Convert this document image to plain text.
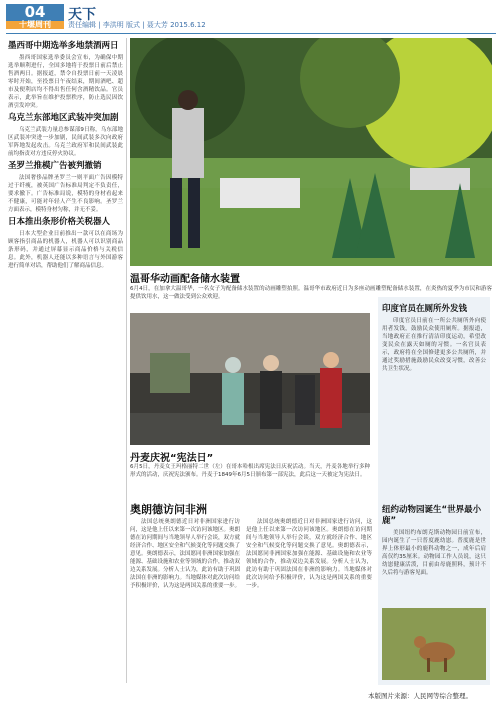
04
十堰周刊
天下
责任编辑 | 李洪明 版式 | 聂大芳 2015.6.12
墨西哥中期选举多地禁酒两日
墨西哥国家选举委员会宣布，为确保中期选举顺利进行，全国多地将于投票日前后禁止售酒两日。据报道，禁令自投票日前一天凌晨零时开始，至投票日午夜结束，期间酒吧、超市及便利店均不得出售任何含酒精饮品。官员表示，此举旨在维护投票秩序，防止选民因饮酒引发冲突。
乌克兰东部地区武装冲突加剧
乌克兰武装力量总参谋部9日称，乌东部地区武装冲突进一步加剧，民间武装多次向政府军阵地发起攻击。乌克兰政府军和民间武装此前均指责对方违反停火协议。
圣罗兰推模广告被判撤销
法国奢侈品牌圣罗兰一则平面广告因模特过于纤瘦，被英国广告标准局判定不负责任，要求撤下。广告标准局说，模特的身材看起来不健康，可能对年轻人产生不良影响。圣罗兰方面表示，模特身材匀称，并无不妥。
日本推出条形价格关税器人
日本大型企业日前推出一款可以在商场为顾客指引商品的机器人，机器人可以识别商品条形码，并通过屏幕显示商品价格与关税信息。此外，机器人还能以多种语言与外国游客进行简单对话，帮助他们了解商品信息。
温哥华动画配备储水装置
6月4日，在加拿大温哥华，一名女子为配备储水装置的动画雕塑拍照。温哥华市政府近日为多座动画雕塑配备储水装置，在炎热的夏季为市民和游客提供饮用水，这一做法受到公众欢迎。
丹麦庆祝“宪法日”
6月5日，丹麦女王玛格丽特二世（左）在哥本哈根出席宪法日庆祝活动。当天，丹麦各地举行多种形式的活动，庆祝宪法颁布。丹麦于1849年6月5日颁布第一部宪法，此后这一天被定为宪法日。
奥朗德访问非洲
法国总统奥朗德近日对非洲国家进行访问，这是他上任以来第一次访问该地区。奥朗德在访问期间与当地领导人举行会谈，双方就经济合作、地区安全和气候变化等问题交换了意见。奥朗德表示，法国愿同非洲国家加强在能源、基础设施和农业等领域的合作，推动双边关系发展。分析人士认为，此访有助于巩固法国在非洲的影响力。当地媒体对此次访问给予积极评价，认为这是两国关系的重要一步。
法国总统奥朗德近日对非洲国家进行访问，这是他上任以来第一次访问该地区。奥朗德在访问期间与当地领导人举行会谈，双方就经济合作、地区安全和气候变化等问题交换了意见。奥朗德表示，法国愿同非洲国家加强在能源、基础设施和农业等领域的合作，推动双边关系发展。分析人士认为，此访有助于巩固法国在非洲的影响力。当地媒体对此次访问给予积极评价，认为这是两国关系的重要一步。
印度官员在厕所外发钱
印度官员日前在一所公共厕所外向使用者发钱，鼓励民众使用厕所。据报道，当地政府正在推行清洁印度运动，希望改变民众在露天如厕的习惯。一名官员表示，政府将在全国修建更多公共厕所，并通过奖励措施鼓励民众改变习惯，改善公共卫生状况。
纽约动物园诞生“世界最小鹿”
美国纽约布朗克斯动物园日前宣布，园内诞生了一只普度鹿幼崽。普度鹿是世界上体形最小的鹿科动物之一，成年后肩高仅约35厘米。动物园工作人员说，这只幼崽健康活泼，目前由母鹿照料，预计不久后将与游客见面。
本版图片来源：人民网等综合整理。
